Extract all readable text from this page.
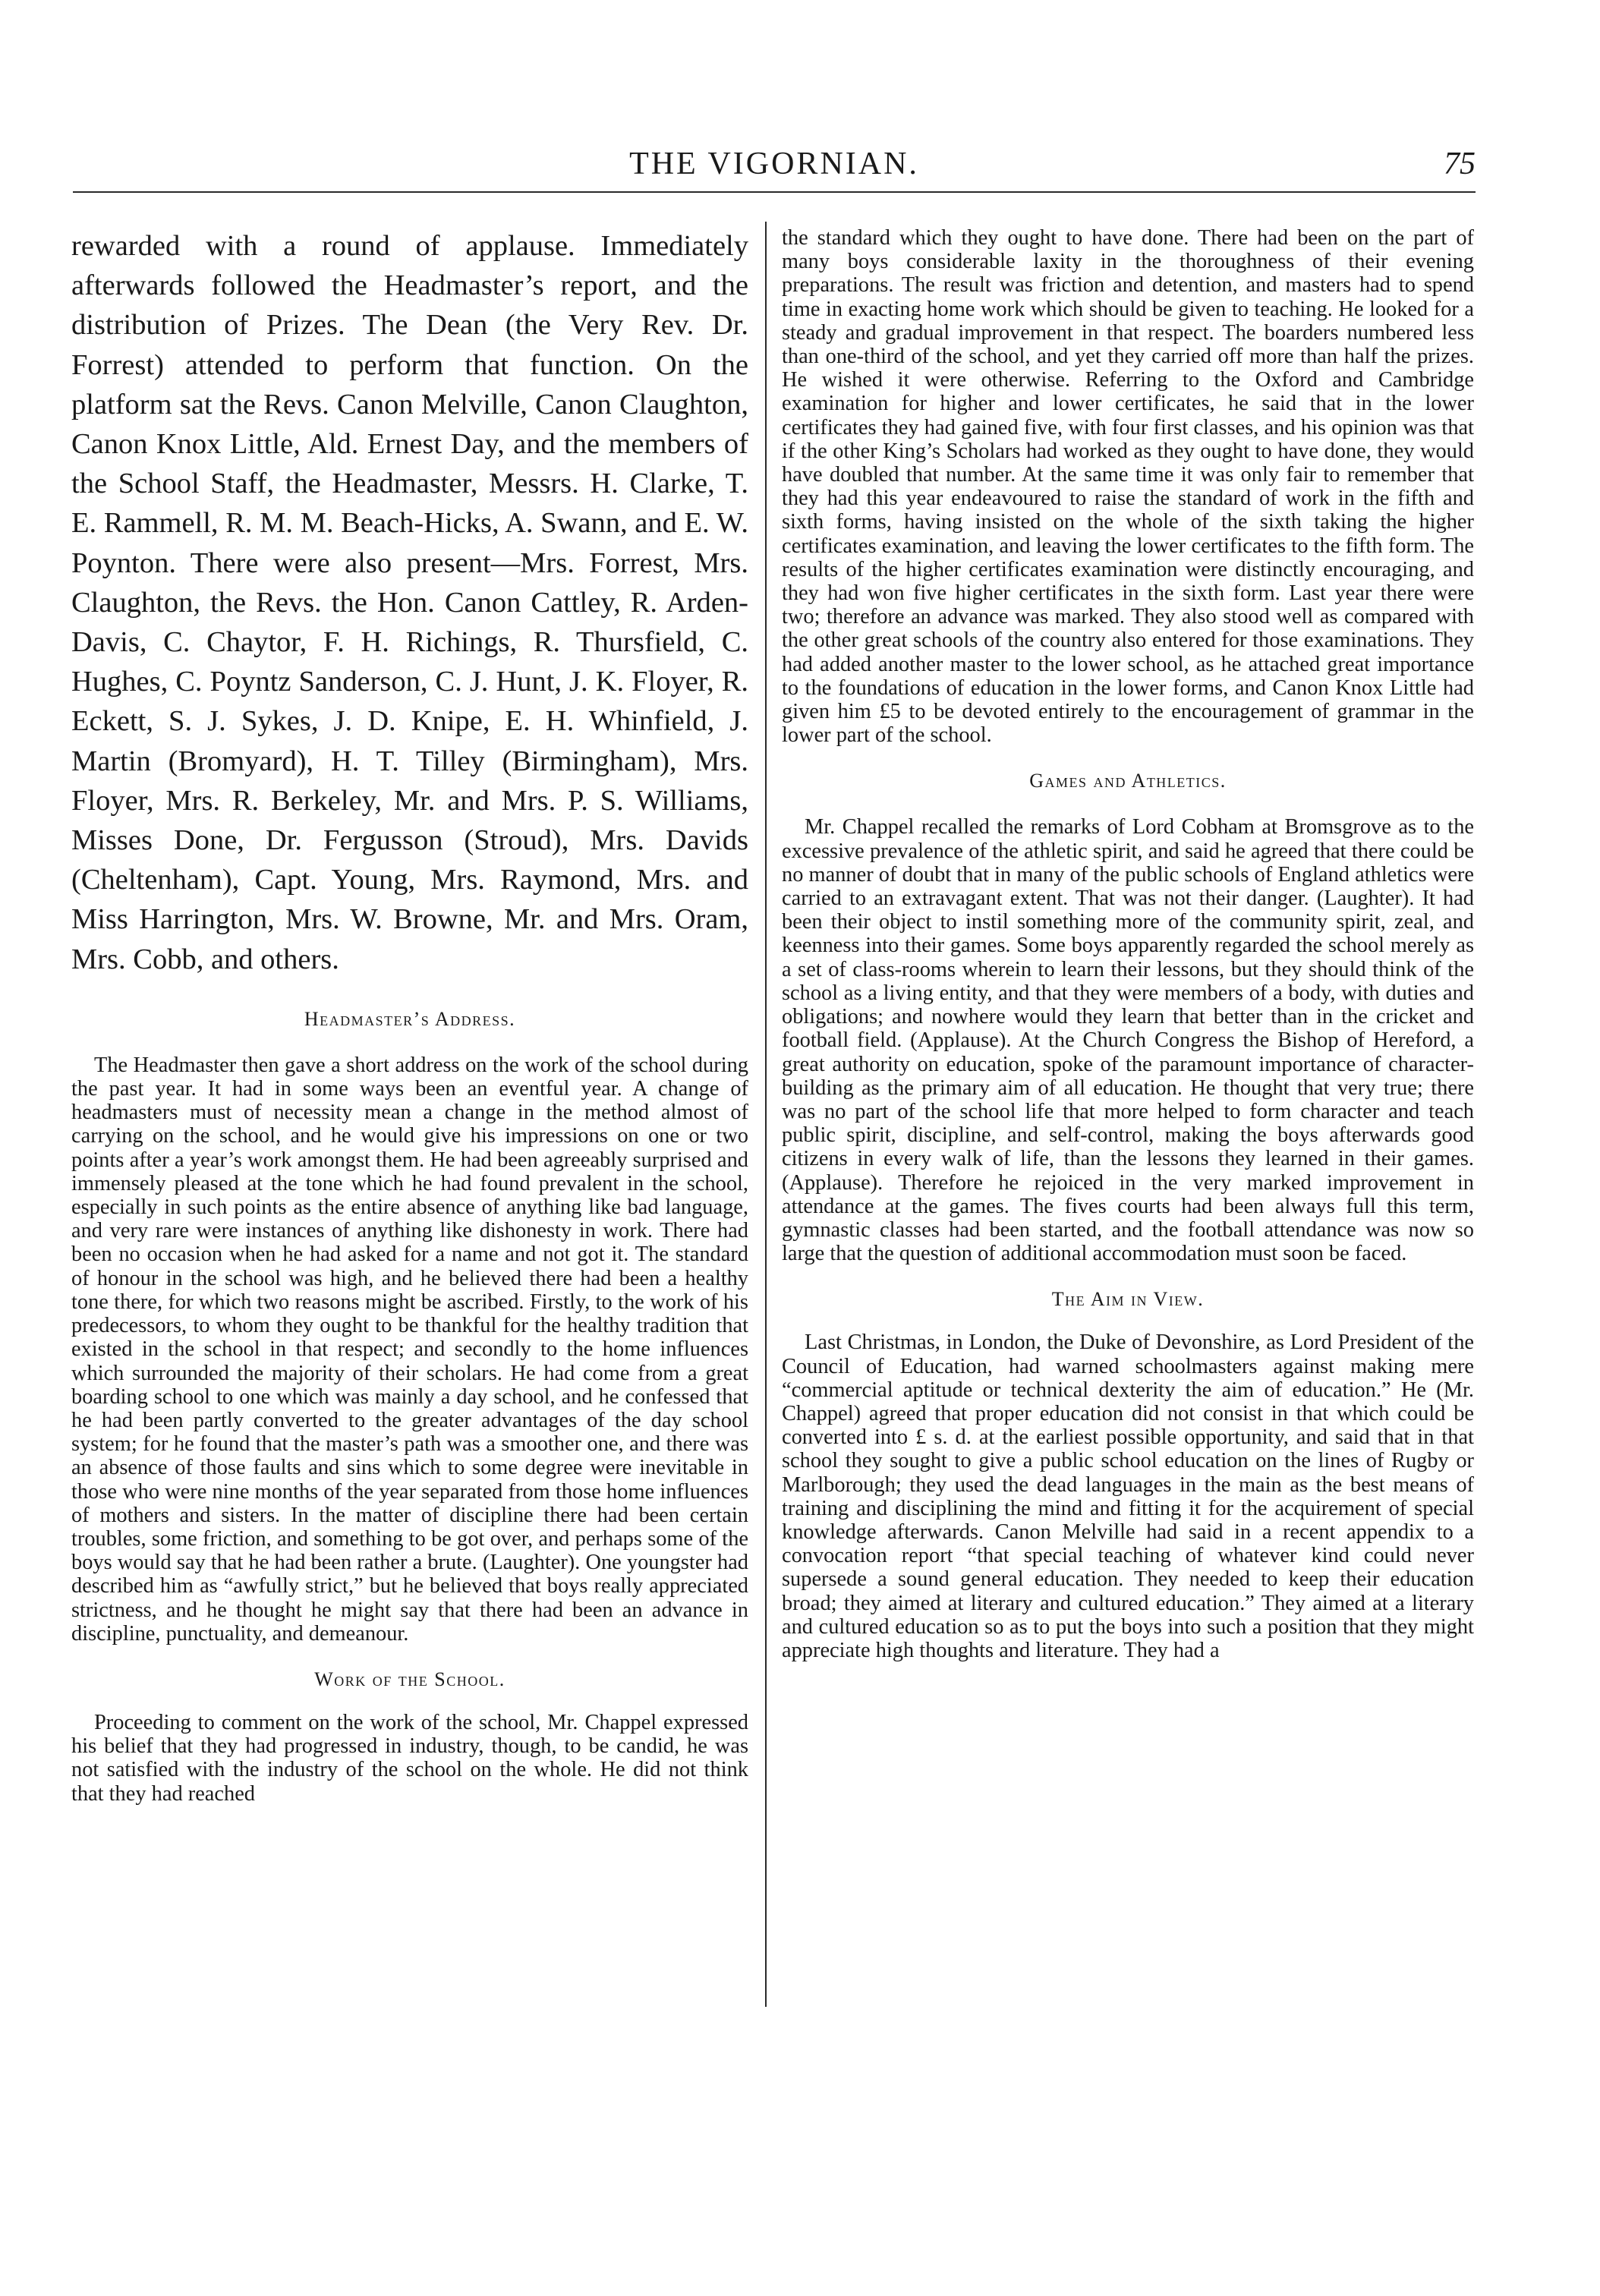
THE VIGORNIAN.	75

rewarded with a round of applause. Immediately afterwards followed the Headmaster’s report, and the distribution of Prizes. The Dean (the Very Rev. Dr. Forrest) attended to perform that function. On the platform sat the Revs. Canon Melville, Canon Claughton, Canon Knox Little, Ald. Ernest Day, and the members of the School Staff, the Headmaster, Messrs. H. Clarke, T. E. Rammell, R. M. M. Beach-Hicks, A. Swann, and E. W. Poynton. There were also present—Mrs. Forrest, Mrs. Claughton, the Revs. the Hon. Canon Cattley, R. Arden-Davis, C. Chaytor, F. H. Richings, R. Thursfield, C. Hughes, C. Poyntz Sanderson, C. J. Hunt, J. K. Floyer, R. Eckett, S. J. Sykes, J. D. Knipe, E. H. Whinfield, J. Martin (Bromyard), H. T. Tilley (Birmingham), Mrs. Floyer, Mrs. R. Berkeley, Mr. and Mrs. P. S. Williams, Misses Done, Dr. Fergusson (Stroud), Mrs. Davids (Cheltenham), Capt. Young, Mrs. Raymond, Mrs. and Miss Harrington, Mrs. W. Browne, Mr. and Mrs. Oram, Mrs. Cobb, and others.

Headmaster’s Address.

The Headmaster then gave a short address on the work of the school during the past year. It had in some ways been an eventful year. A change of headmasters must of necessity mean a change in the method almost of carrying on the school, and he would give his impressions on one or two points after a year’s work amongst them. He had been agreeably surprised and immensely pleased at the tone which he had found prevalent in the school, especially in such points as the entire absence of anything like bad language, and very rare were instances of anything like dishonesty in work. There had been no occasion when he had asked for a name and not got it. The standard of honour in the school was high, and he believed there had been a healthy tone there, for which two reasons might be ascribed. Firstly, to the work of his predecessors, to whom they ought to be thankful for the healthy tradition that existed in the school in that respect; and secondly to the home influences which surrounded the majority of their scholars. He had come from a great boarding school to one which was mainly a day school, and he confessed that he had been partly converted to the greater advantages of the day school system; for he found that the master’s path was a smoother one, and there was an absence of those faults and sins which to some degree were inevitable in those who were nine months of the year separated from those home influences of mothers and sisters. In the matter of discipline there had been certain troubles, some friction, and something to be got over, and perhaps some of the boys would say that he had been rather a brute. (Laughter). One youngster had described him as “awfully strict,” but he believed that boys really appreciated strictness, and he thought he might say that there had been an advance in discipline, punctuality, and demeanour.

Work of the School.

Proceeding to comment on the work of the school, Mr. Chappel expressed his belief that they had progressed in industry, though, to be candid, he was not satisfied with the industry of the school on the whole. He did not think that they had reached

the standard which they ought to have done. There had been on the part of many boys considerable laxity in the thoroughness of their evening preparations. The result was friction and detention, and masters had to spend time in exacting home work which should be given to teaching. He looked for a steady and gradual improvement in that respect. The boarders numbered less than one-third of the school, and yet they carried off more than half the prizes. He wished it were otherwise. Referring to the Oxford and Cambridge examination for higher and lower certificates, he said that in the lower certificates they had gained five, with four first classes, and his opinion was that if the other King’s Scholars had worked as they ought to have done, they would have doubled that number. At the same time it was only fair to remember that they had this year endeavoured to raise the standard of work in the fifth and sixth forms, having insisted on the whole of the sixth taking the higher certificates examination, and leaving the lower certificates to the fifth form. The results of the higher certificates examination were distinctly encouraging, and they had won five higher certificates in the sixth form. Last year there were two; therefore an advance was marked. They also stood well as compared with the other great schools of the country also entered for those examinations. They had added another master to the lower school, as he attached great importance to the foundations of education in the lower forms, and Canon Knox Little had given him £5 to be devoted entirely to the encouragement of grammar in the lower part of the school.

Games and Athletics.

Mr. Chappel recalled the remarks of Lord Cobham at Bromsgrove as to the excessive prevalence of the athletic spirit, and said he agreed that there could be no manner of doubt that in many of the public schools of England athletics were carried to an extravagant extent. That was not their danger. (Laughter). It had been their object to instil something more of the community spirit, zeal, and keenness into their games. Some boys apparently regarded the school merely as a set of class-rooms wherein to learn their lessons, but they should think of the school as a living entity, and that they were members of a body, with duties and obligations; and nowhere would they learn that better than in the cricket and football field. (Applause). At the Church Congress the Bishop of Hereford, a great authority on education, spoke of the paramount importance of character-building as the primary aim of all education. He thought that very true; there was no part of the school life that more helped to form character and teach public spirit, discipline, and self-control, making the boys afterwards good citizens in every walk of life, than the lessons they learned in their games. (Applause). Therefore he rejoiced in the very marked improvement in attendance at the games. The fives courts had been always full this term, gymnastic classes had been started, and the football attendance was now so large that the question of additional accommodation must soon be faced.

The Aim in View.

Last Christmas, in London, the Duke of Devonshire, as Lord President of the Council of Education, had warned schoolmasters against making mere “commercial aptitude or technical dexterity the aim of education.” He (Mr. Chappel) agreed that proper education did not consist in that which could be converted into £ s. d. at the earliest possible opportunity, and said that in that school they sought to give a public school education on the lines of Rugby or Marlborough; they used the dead languages in the main as the best means of training and disciplining the mind and fitting it for the acquirement of special knowledge afterwards. Canon Melville had said in a recent appendix to a convocation report “that special teaching of whatever kind could never supersede a sound general education. They needed to keep their education broad; they aimed at literary and cultured education.” They aimed at a literary and cultured education so as to put the boys into such a position that they might appreciate high thoughts and literature. They had a
